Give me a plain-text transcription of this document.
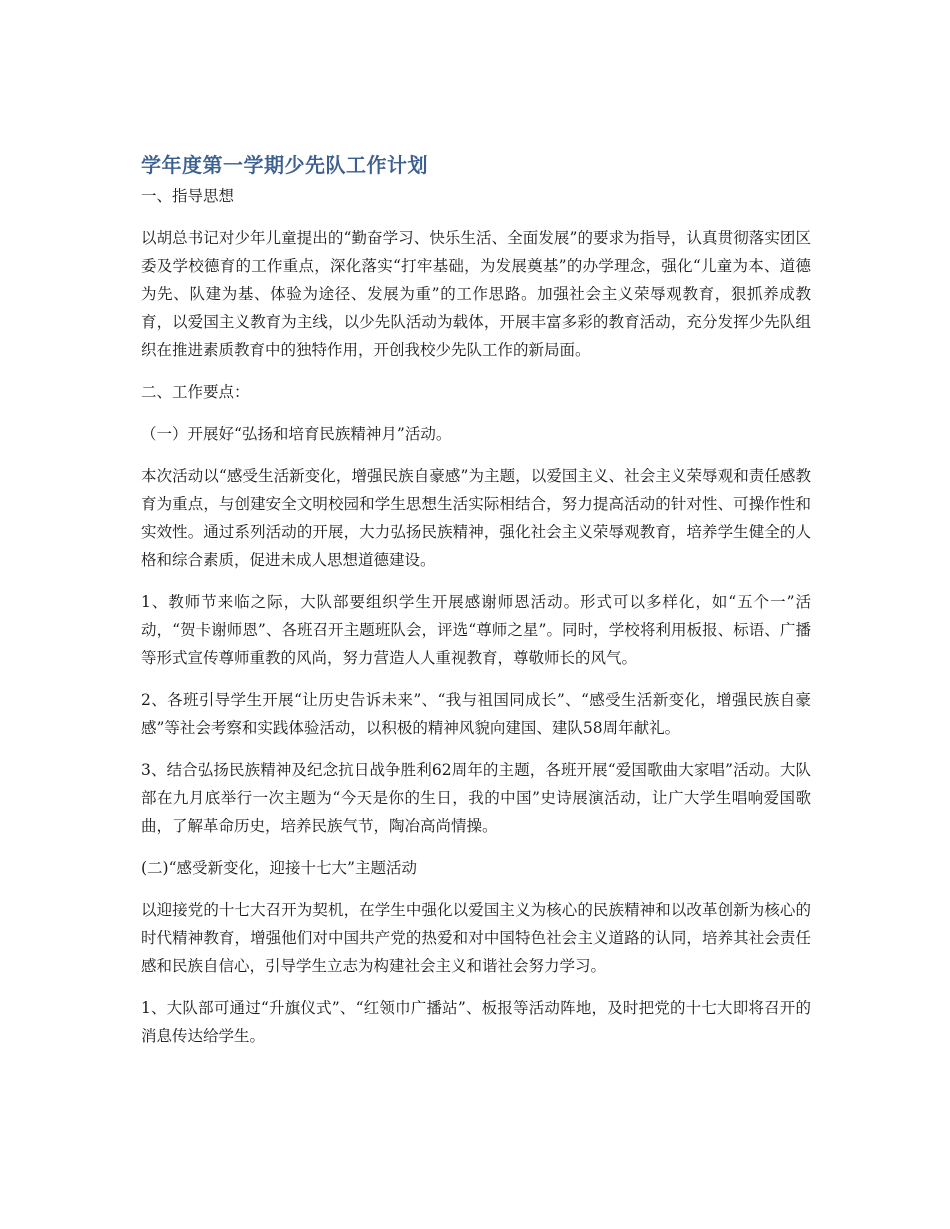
学年度第一学期少先队工作计划

一、指导思想

以胡总书记对少年儿童提出的“勤奋学习、快乐生活、全面发展”的要求为指导，认真贯彻落实团区委及学校德育的工作重点，深化落实“打牢基础，为发展奠基”的办学理念，强化“儿童为本、道德为先、队建为基、体验为途径、发展为重”的工作思路。加强社会主义荣辱观教育，狠抓养成教育，以爱国主义教育为主线，以少先队活动为载体，开展丰富多彩的教育活动，充分发挥少先队组织在推进素质教育中的独特作用，开创我校少先队工作的新局面。

二、工作要点：

（一）开展好“弘扬和培育民族精神月”活动。

本次活动以“感受生活新变化，增强民族自豪感”为主题，以爱国主义、社会主义荣辱观和责任感教育为重点，与创建安全文明校园和学生思想生活实际相结合，努力提高活动的针对性、可操作性和实效性。通过系列活动的开展，大力弘扬民族精神，强化社会主义荣辱观教育，培养学生健全的人格和综合素质，促进未成人思想道德建设。

1、教师节来临之际，大队部要组织学生开展感谢师恩活动。形式可以多样化，如“五个一”活动，“贺卡谢师恩”、各班召开主题班队会，评选“尊师之星”。同时，学校将利用板报、标语、广播等形式宣传尊师重教的风尚，努力营造人人重视教育，尊敬师长的风气。

2、各班引导学生开展“让历史告诉未来”、“我与祖国同成长”、“感受生活新变化，增强民族自豪感”等社会考察和实践体验活动，以积极的精神风貌向建国、建队58周年献礼。

3、结合弘扬民族精神及纪念抗日战争胜利62周年的主题，各班开展“爱国歌曲大家唱”活动。大队部在九月底举行一次主题为“今天是你的生日，我的中国”史诗展演活动，让广大学生唱响爱国歌曲，了解革命历史，培养民族气节，陶冶高尚情操。

(二)“感受新变化，迎接十七大”主题活动

以迎接党的十七大召开为契机，在学生中强化以爱国主义为核心的民族精神和以改革创新为核心的时代精神教育，增强他们对中国共产党的热爱和对中国特色社会主义道路的认同，培养其社会责任感和民族自信心，引导学生立志为构建社会主义和谐社会努力学习。

1、大队部可通过“升旗仪式”、“红领巾广播站”、板报等活动阵地，及时把党的十七大即将召开的消息传达给学生。
